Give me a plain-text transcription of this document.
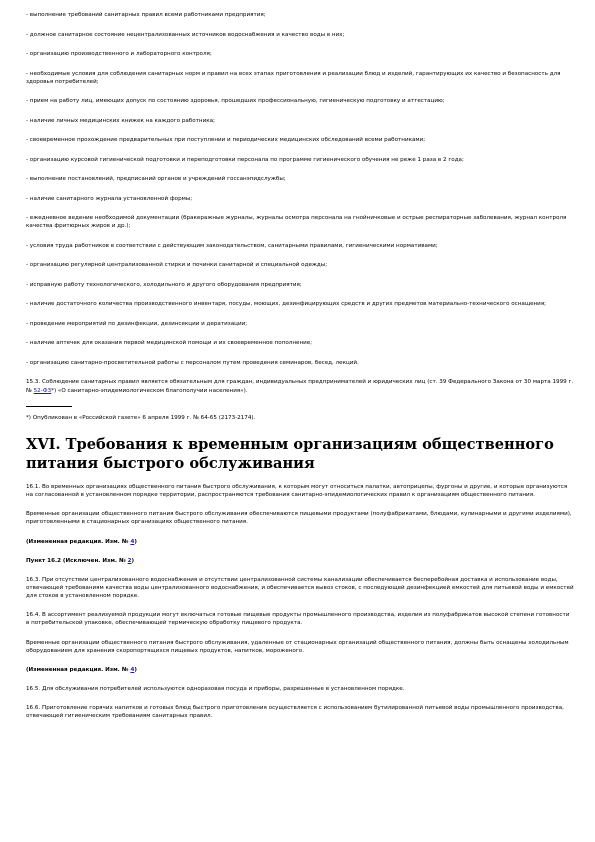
- выполнение требований санитарных правил всеми работниками предприятия;

- должное санитарное состояние нецентрализованных источников водоснабжения и качество воды в них;

- организацию производственного и лабораторного контроля;

- необходимые условия для соблюдения санитарных норм и правил на всех этапах приготовления и реализации блюд и изделий, гарантирующих их качество и безопасность для здоровья потребителей;

- прием на работу лиц, имеющих допуск по состоянию здоровья, прошедших профессиональную, гигиеническую подготовку и аттестацию;

- наличие личных медицинских книжек на каждого работника;

- своевременное прохождение предварительных при поступлении и периодических медицинских обследований всеми работниками;

- организацию курсовой гигиенической подготовки и переподготовки персонала по программе гигиенического обучения не реже 1 раза в 2 года;

- выполнение постановлений, предписаний органов и учреждений госсанэпидслужбы;

- наличие санитарного журнала установленной формы;

- ежедневное ведение необходимой документации (бракеражные журналы, журналы осмотра персонала на гнойничковые и острые респираторные заболевания, журнал контроля качества фритюрных жиров и др.);

- условия труда работников в соответствии с действующим законодательством, санитарными правилами, гигиеническими нормативами;

- организацию регулярной централизованной стирки и починки санитарной и специальной одежды;

- исправную работу технологического, холодильного и другого оборудования предприятия;

- наличие достаточного количества производственного инвентаря, посуды, моющих, дезинфицирующих средств и других предметов материально-технического оснащения;

- проведение мероприятий по дезинфекции, дезинсекции и дератизации;

- наличие аптечек для оказания первой медицинской помощи и их своевременное пополнение;

- организацию санитарно-просветительной работы с персоналом путем проведения семинаров, бесед, лекций.

15.3. Соблюдение санитарных правил является обязательным для граждан, индивидуальных предпринимателей и юридических лиц (ст. 39 Федерального Закона от 30 марта 1999 г. № 52-ФЗ*) «О санитарно-эпидемиологическом благополучии населения»).

*) Опубликован в «Российской газете» 6 апреля 1999 г. № 64-65 (2173-2174).

XVI. Требования к временным организациям общественного питания быстрого обслуживания

16.1. Во временных организациях общественного питания быстрого обслуживания, к которым могут относиться палатки, автоприцепы, фургоны и другие, и которые организуются на согласованной в установленном порядке территории, распространяются требования санитарно-эпидемиологических правил к организациям общественного питания.

Временные организации общественного питания быстрого обслуживания обеспечиваются пищевыми продуктами (полуфабрикатами, блюдами, кулинарными и другими изделиями), приготовленными в стационарных организациях общественного питания.

(Измененная редакция. Изм. № 4)

Пункт 16.2 (Исключен. Изм. № 2)

16.3. При отсутствии централизованного водоснабжения и отсутствии централизованной системы канализации обеспечивается бесперебойная доставка и использование воды, отвечающей требованиям качества воды централизованного водоснабжения, и обеспечивается вывоз стоков, с последующей дезинфекцией емкостей для питьевой воды и емкостей для стоков в установленном порядке.

16.4. В ассортимент реализуемой продукции могут включаться готовые пищевые продукты промышленного производства, изделия из полуфабрикатов высокой степени готовности в потребительской упаковке, обеспечивающей термическую обработку пищевого продукта.

Временные организации общественного питания быстрого обслуживания, удаленные от стационарных организаций общественного питания, должны быть оснащены холодильным оборудованием для хранения скоропортящихся пищевых продуктов, напитков, мороженого.

(Измененная редакция. Изм. № 4)

16.5. Для обслуживания потребителей используются одноразовая посуда и приборы, разрешенные в установленном порядке.

16.6. Приготовление горячих напитков и готовых блюд быстрого приготовления осуществляется с использованием бутилированной питьевой воды промышленного производства, отвечающей гигиеническим требованиям санитарных правил.
